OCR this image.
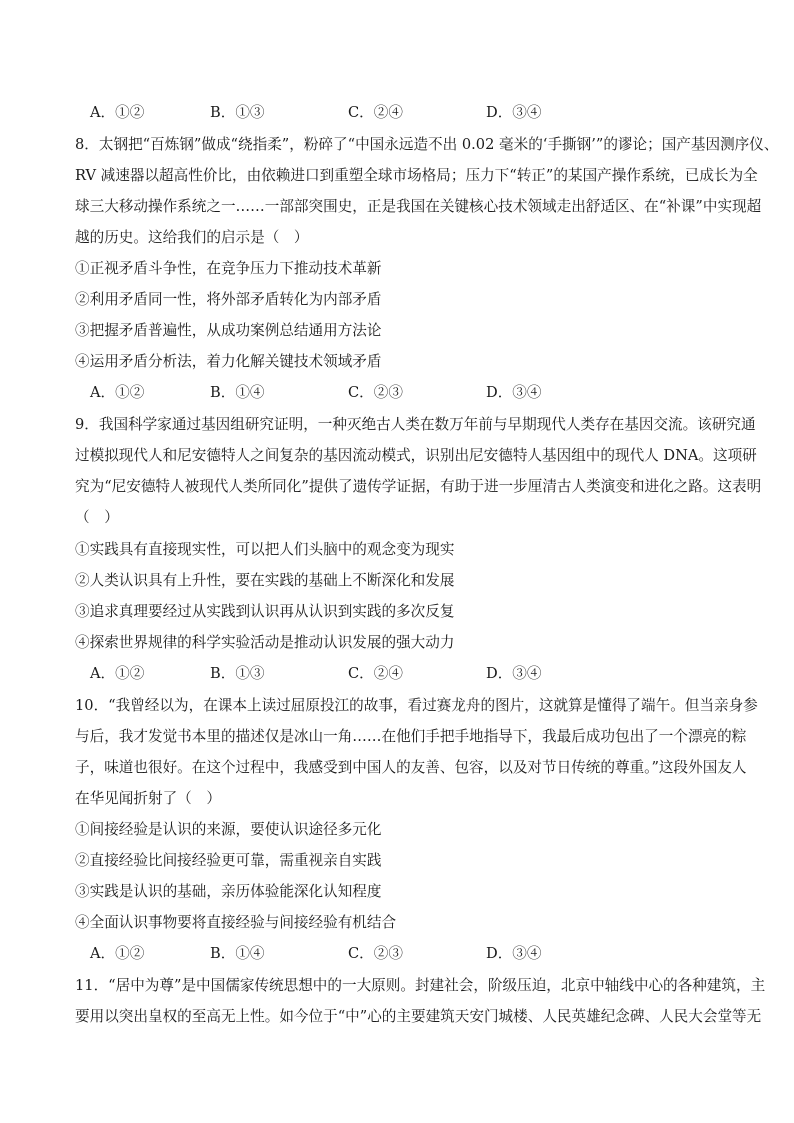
A．①②	B．①③	C．②④	D．③④
8．太钢把“百炼钢”做成“绕指柔”，粉碎了“中国永远造不出 0.02 毫米的‘手撕钢’”的谬论；国产基因测序仪、
RV 减速器以超高性价比，由依赖进口到重塑全球市场格局；压力下“转正”的某国产操作系统，已成长为全
球三大移动操作系统之一……一部部突围史，正是我国在关键核心技术领域走出舒适区、在“补课”中实现超
越的历史。这给我们的启示是（　）
①正视矛盾斗争性，在竞争压力下推动技术革新
②利用矛盾同一性，将外部矛盾转化为内部矛盾
③把握矛盾普遍性，从成功案例总结通用方法论
④运用矛盾分析法，着力化解关键技术领域矛盾
A．①②	B．①④	C．②③	D．③④
9．我国科学家通过基因组研究证明，一种灭绝古人类在数万年前与早期现代人类存在基因交流。该研究通
过模拟现代人和尼安德特人之间复杂的基因流动模式，识别出尼安德特人基因组中的现代人 DNA。这项研
究为“尼安德特人被现代人类所同化”提供了遗传学证据，有助于进一步厘清古人类演变和进化之路。这表明
（　）
①实践具有直接现实性，可以把人们头脑中的观念变为现实
②人类认识具有上升性，要在实践的基础上不断深化和发展
③追求真理要经过从实践到认识再从认识到实践的多次反复
④探索世界规律的科学实验活动是推动认识发展的强大动力
A．①②	B．①③	C．②④	D．③④
10．“我曾经以为，在课本上读过屈原投江的故事，看过赛龙舟的图片，这就算是懂得了端午。但当亲身参
与后，我才发觉书本里的描述仅是冰山一角……在他们手把手地指导下，我最后成功包出了一个漂亮的粽
子，味道也很好。在这个过程中，我感受到中国人的友善、包容，以及对节日传统的尊重。”这段外国友人
在华见闻折射了（　）
①间接经验是认识的来源，要使认识途径多元化
②直接经验比间接经验更可靠，需重视亲自实践
③实践是认识的基础，亲历体验能深化认知程度
④全面认识事物要将直接经验与间接经验有机结合
A．①②	B．①④	C．②③	D．③④
11．“居中为尊”是中国儒家传统思想中的一大原则。封建社会，阶级压迫，北京中轴线中心的各种建筑，主
要用以突出皇权的至高无上性。如今位于“中”心的主要建筑天安门城楼、人民英雄纪念碑、人民大会堂等无
